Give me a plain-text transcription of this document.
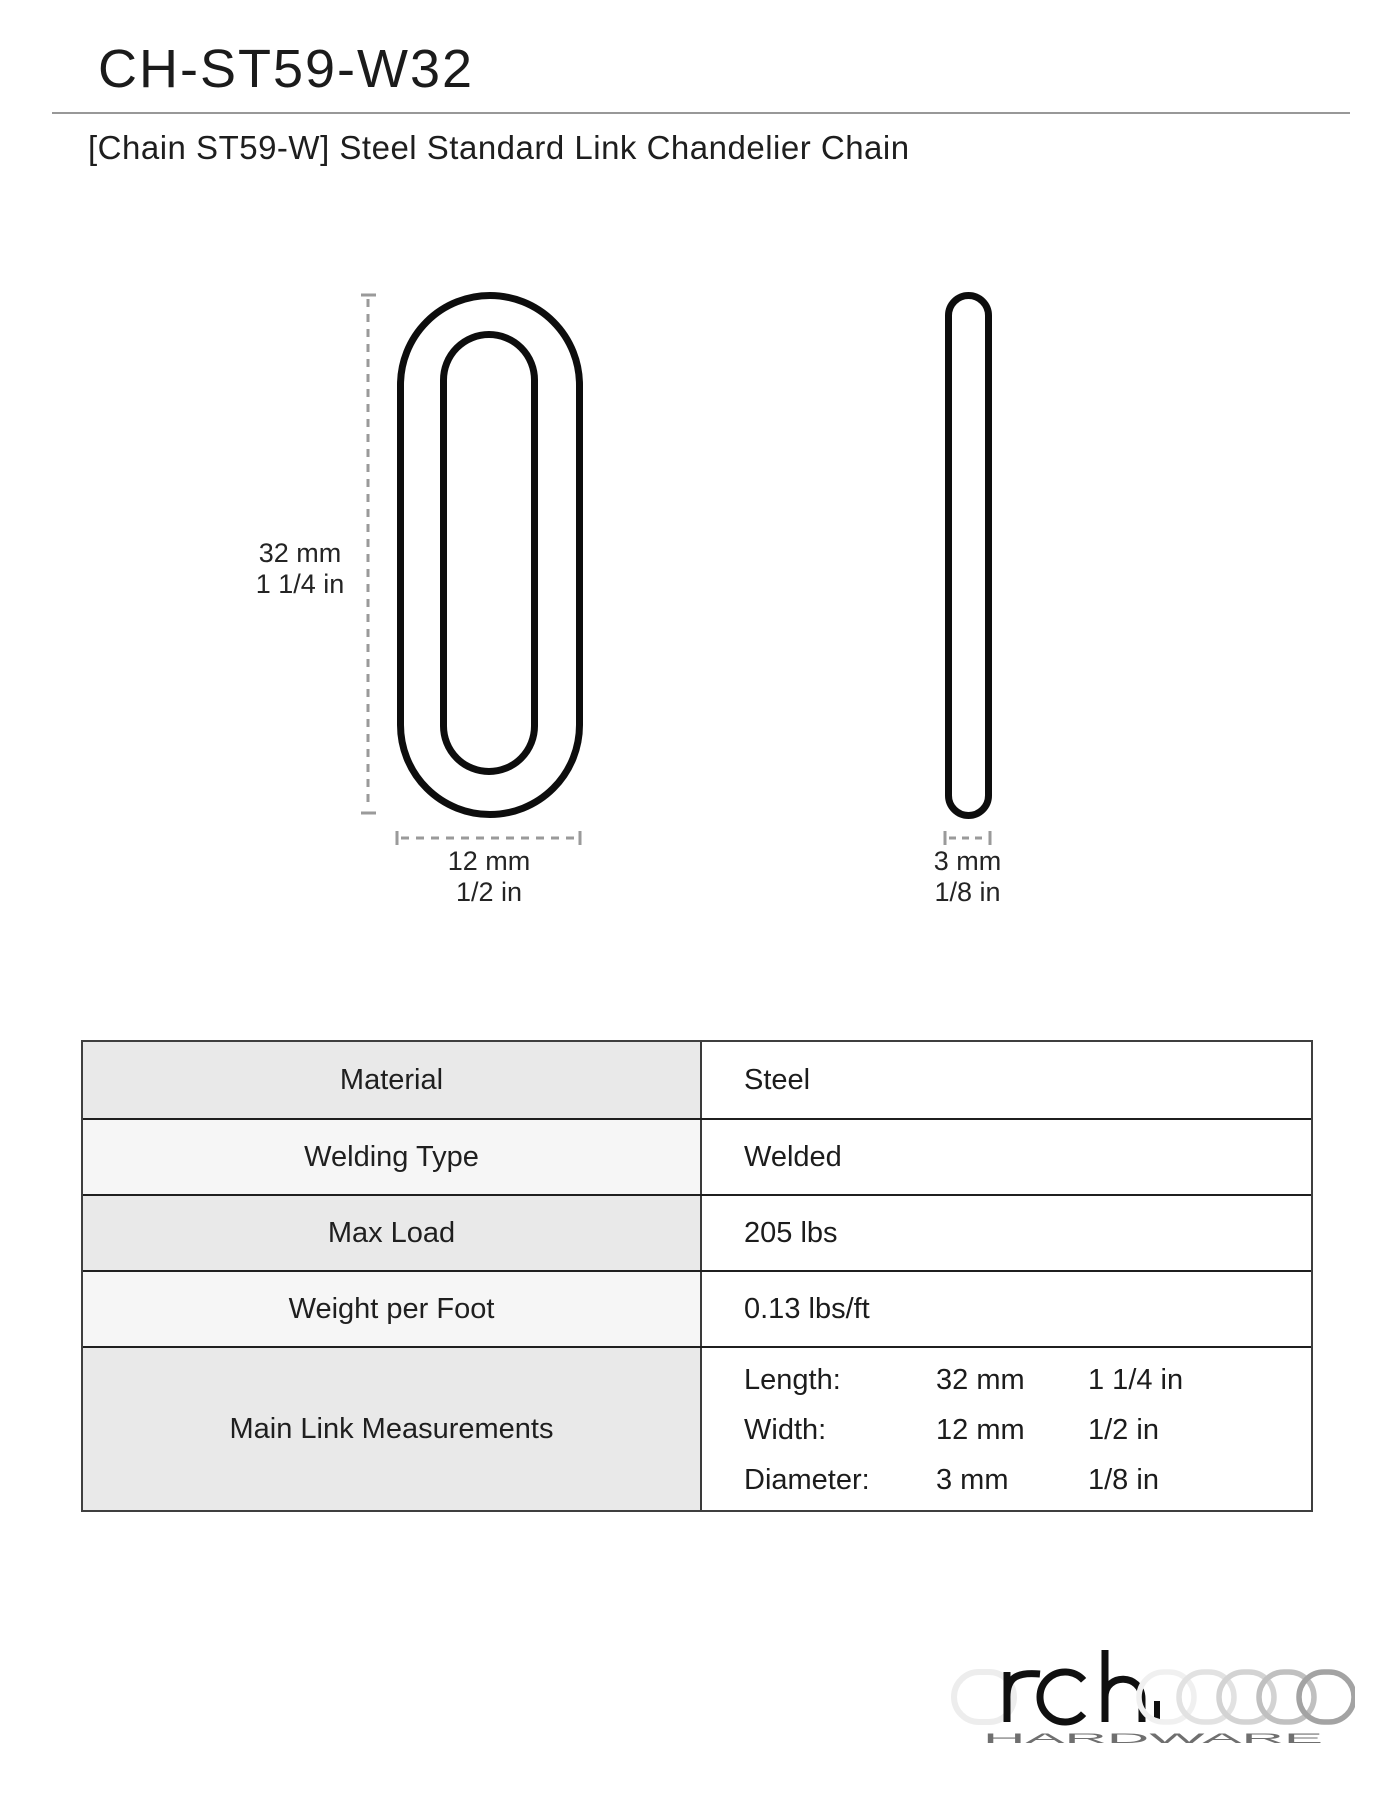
CH-ST59-W32
[Chain ST59-W] Steel Standard Link Chandelier Chain
32 mm
1 1/4 in
12 mm
1/2 in
3 mm
1/8 in
Material	Steel
Welding Type	Welded
Max Load	205 lbs
Weight per Foot	0.13 lbs/ft
Main Link Measurements
Length:	32 mm	1 1/4 in
Width:	12 mm	1/2 in
Diameter:	3 mm	1/8 in
HARDWARE
